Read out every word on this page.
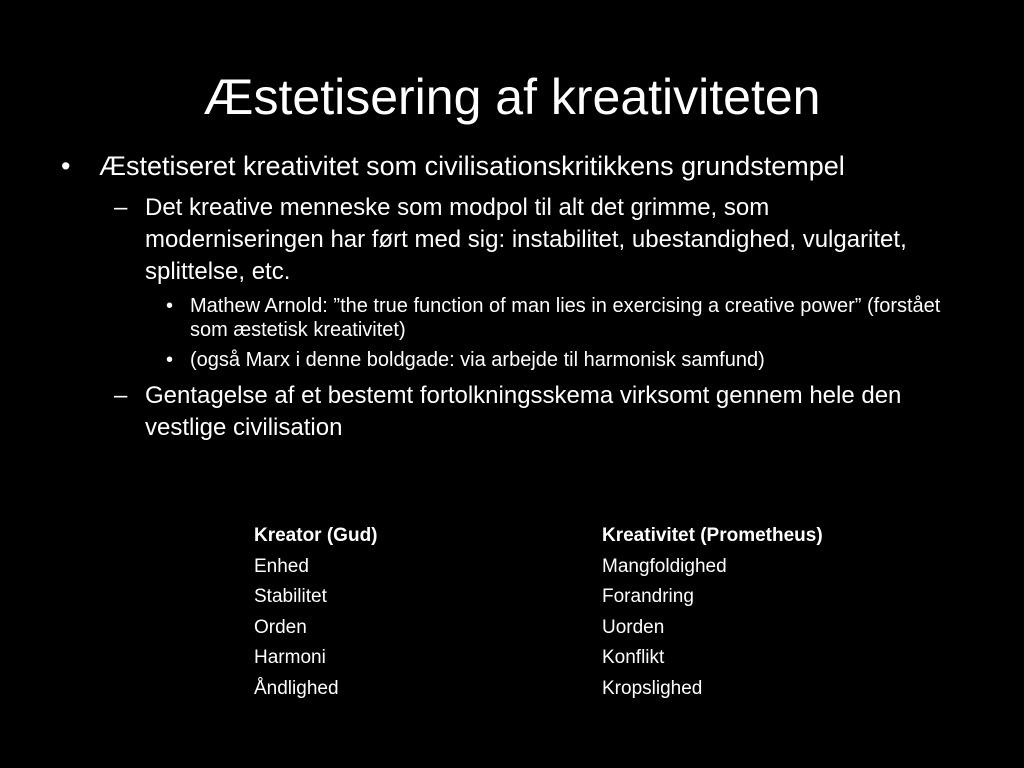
Æstetisering af kreativiteten
• Æstetiseret kreativitet som civilisationskritikkens grundstempel
– Det kreative menneske som modpol til alt det grimme, som moderniseringen har ført med sig: instabilitet, ubestandighed, vulgaritet, splittelse, etc.
• Mathew Arnold: ”the true function of man lies in exercising a creative power” (forstået som æstetisk kreativitet)
• (også Marx i denne boldgade: via arbejde til harmonisk samfund)
– Gentagelse af et bestemt fortolkningsskema virksomt gennem hele den vestlige civilisation
Kreator (Gud)
Enhed
Stabilitet
Orden
Harmoni
Åndlighed
Kreativitet (Prometheus)
Mangfoldighed
Forandring
Uorden
Konflikt
Kropslighed
